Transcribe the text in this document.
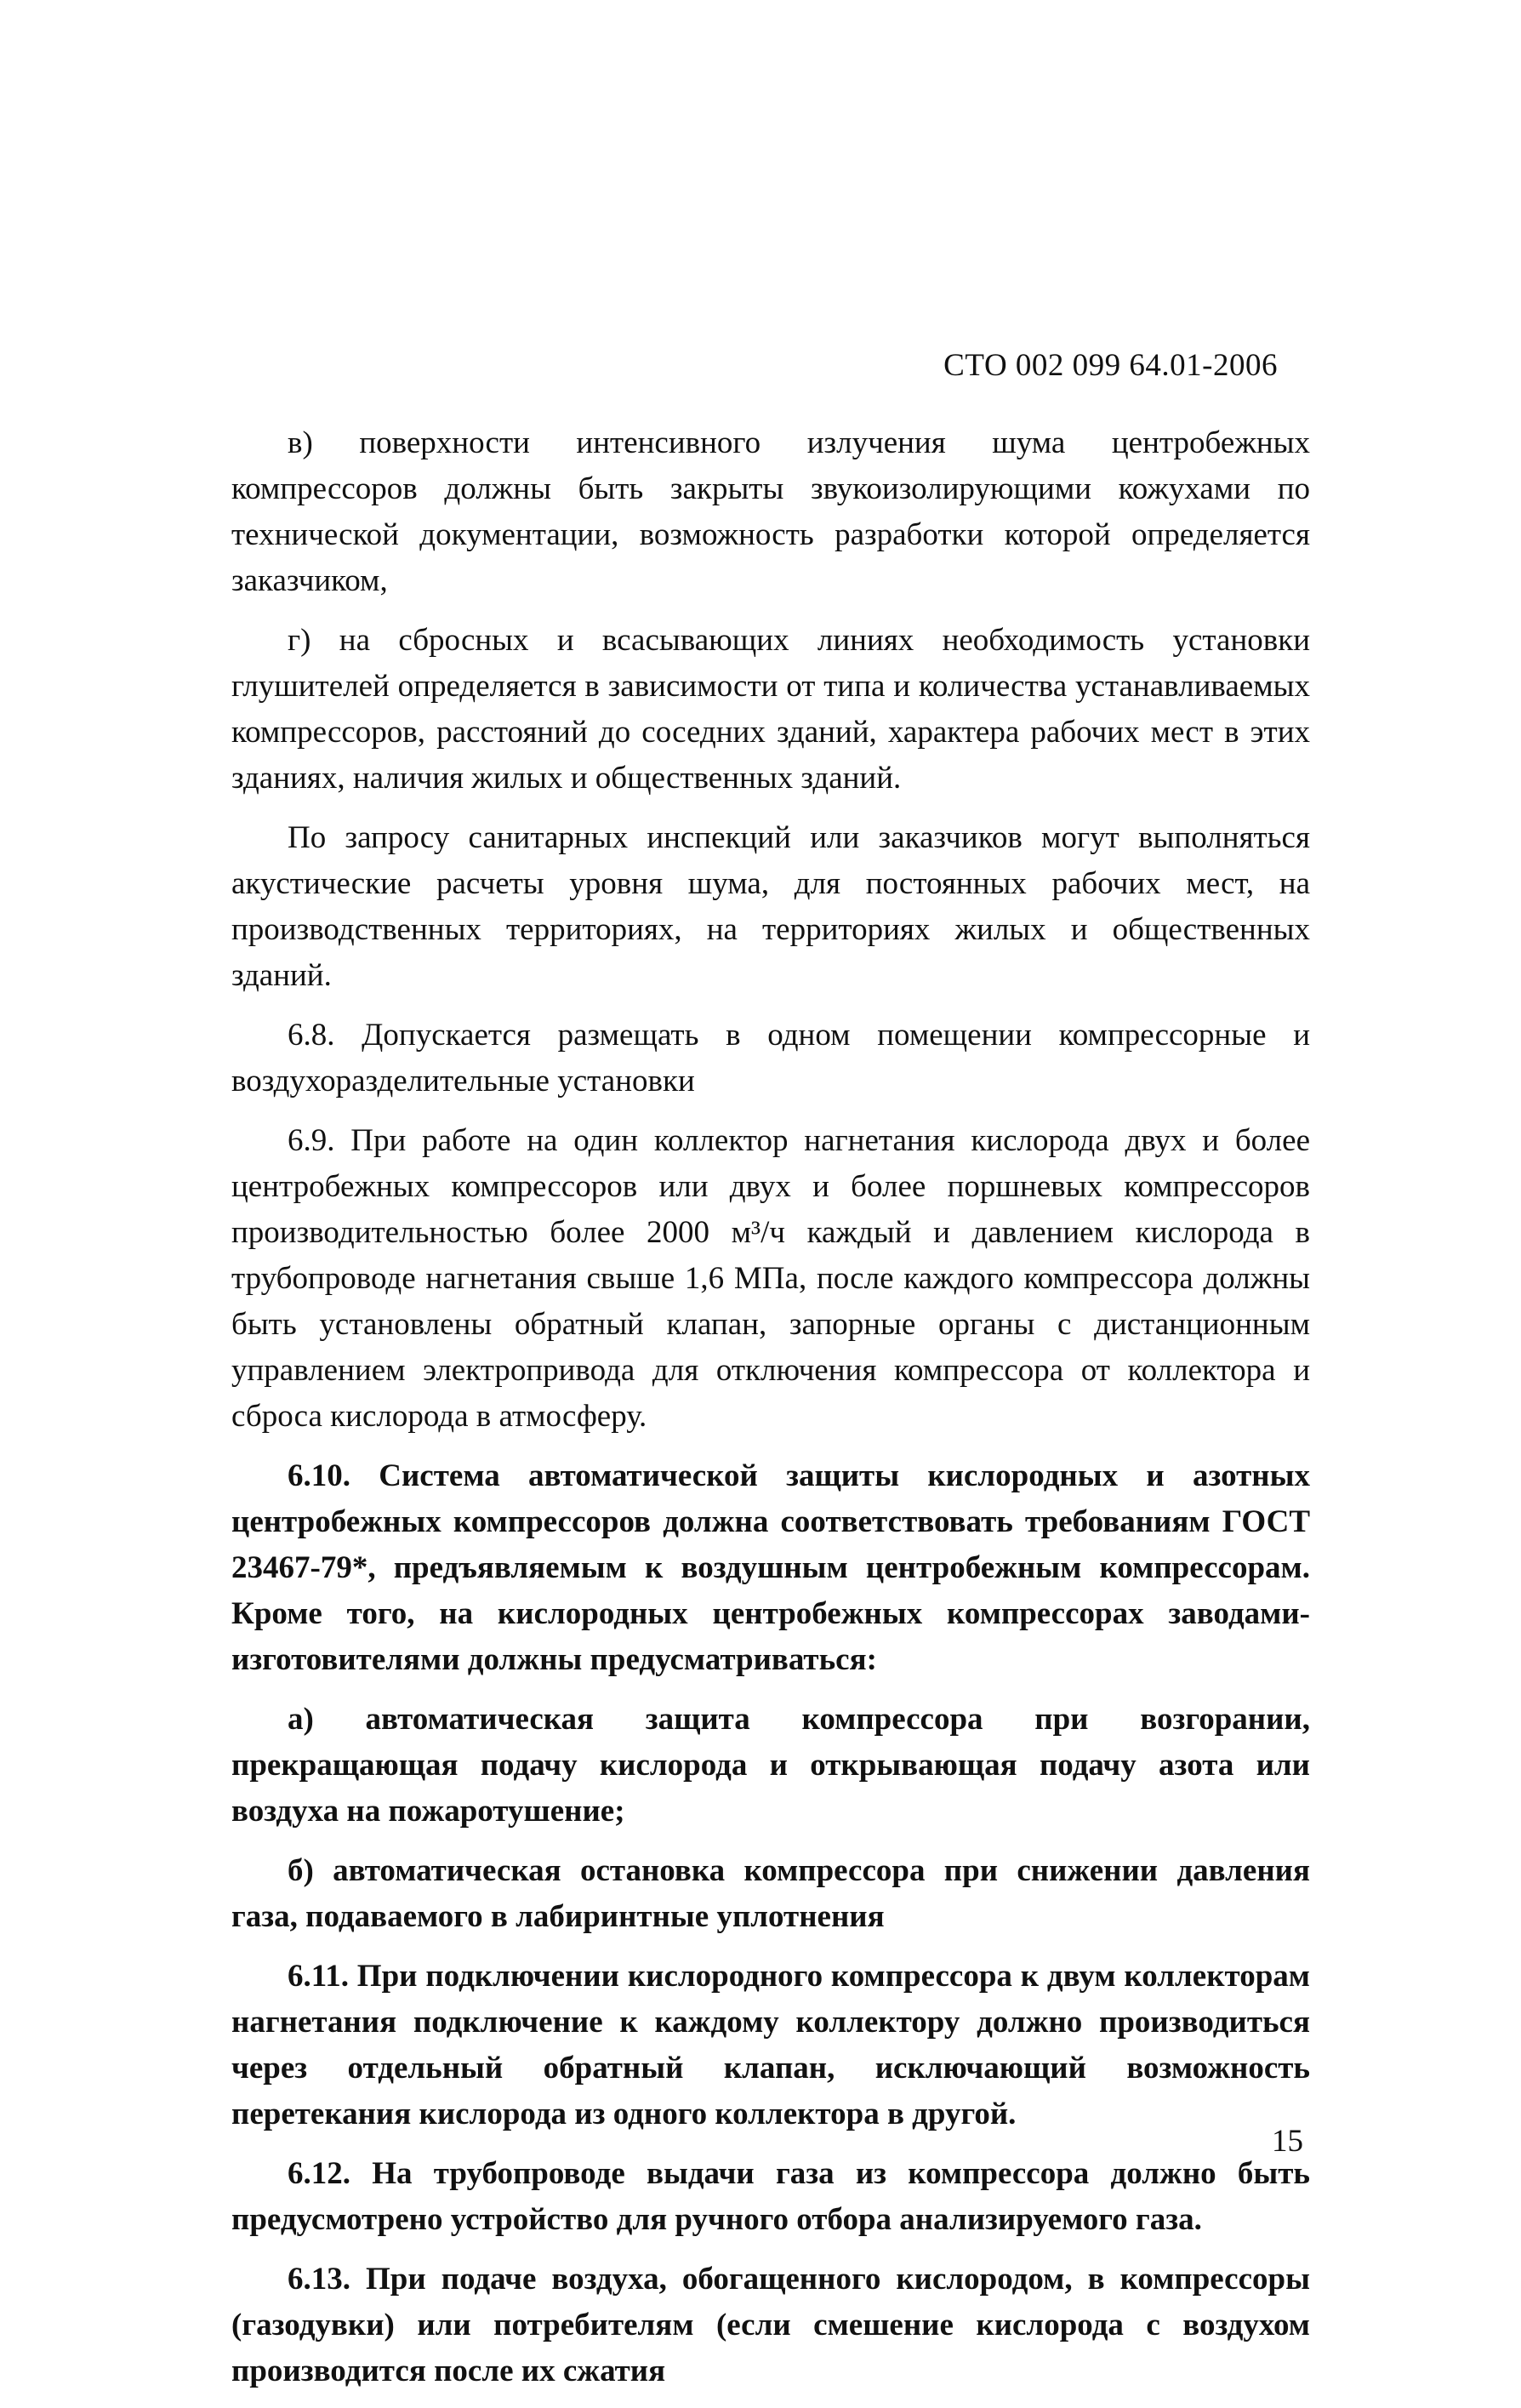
СТО 002 099 64.01-2006

в) поверхности интенсивного излучения шума центробежных компрессоров должны быть закрыты звукоизолирующими кожухами по технической документации, возможность разработки которой определяется заказчиком,

г) на сбросных и всасывающих линиях необходимость установки глушителей определяется в зависимости от типа и количества устанавливаемых компрессоров, расстояний до соседних зданий, характера рабочих мест в этих зданиях, наличия жилых и общественных зданий.

По запросу санитарных инспекций или заказчиков могут выполняться акустические расчеты уровня шума, для постоянных рабочих мест, на производственных территориях, на территориях жилых и общественных зданий.

6.8. Допускается размещать в одном помещении компрессорные и воздухоразделительные установки

6.9. При работе на один коллектор нагнетания кислорода двух и более центробежных компрессоров или двух и более поршневых компрессоров производительностью более 2000 м³/ч каждый и давлением кислорода в трубопроводе нагнетания свыше 1,6 МПа, после каждого компрессора должны быть установлены обратный клапан, запорные органы с дистанционным управлением электропривода для отключения компрессора от коллектора и сброса кислорода в атмосферу.

6.10. Система автоматической защиты кислородных и азотных центробежных компрессоров должна соответствовать требованиям ГОСТ 23467-79*, предъявляемым к воздушным центробежным компрессорам. Кроме того, на кислородных центробежных компрессорах заводами- изготовителями должны предусматриваться:

а) автоматическая защита компрессора при возгорании, прекращающая подачу кислорода и открывающая подачу азота или воздуха на пожаротушение;

б) автоматическая остановка компрессора при снижении давления газа, подаваемого в лабиринтные уплотнения

6.11. При подключении кислородного компрессора к двум коллекторам нагнетания подключение к каждому коллектору должно производиться через отдельный обратный клапан, исключающий возможность перетекания кислорода из одного коллектора в другой.

6.12. На трубопроводе выдачи газа из компрессора должно быть предусмотрено устройство для ручного отбора анализируемого газа.

6.13. При подаче воздуха, обогащенного кислородом, в компрессоры (газодувки) или потребителям (если смешение кислорода с воздухом производится после их сжатия

15
